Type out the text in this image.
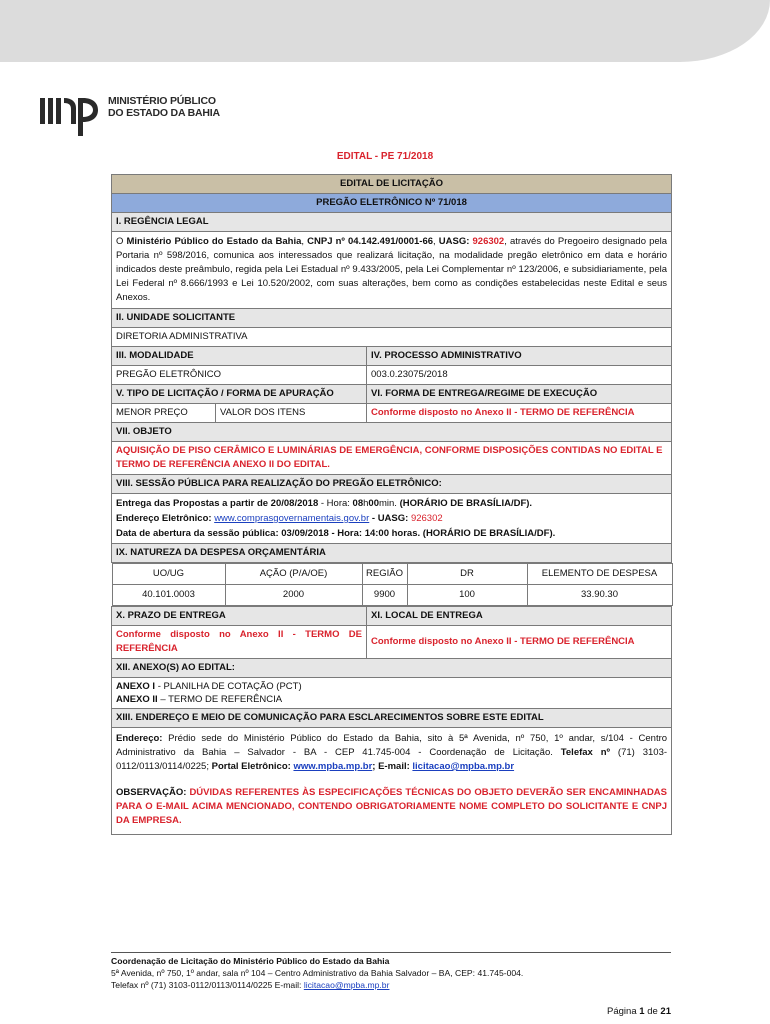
MINISTÉRIO PÚBLICO
DO ESTADO DA BAHIA
EDITAL - PE 71/2018
EDITAL DE LICITAÇÃO
PREGÃO ELETRÔNICO Nº 71/018
I. REGÊNCIA LEGAL
O Ministério Público do Estado da Bahia, CNPJ nº 04.142.491/0001-66, UASG: 926302, através do Pregoeiro designado pela Portaria nº 598/2016, comunica aos interessados que realizará licitação, na modalidade pregão eletrônico em data e horário indicados deste preâmbulo, regida pela Lei Estadual nº 9.433/2005, pela Lei Complementar nº 123/2006, e subsidiariamente, pela Lei Federal nº 8.666/1993 e Lei 10.520/2002, com suas alterações, bem como as condições estabelecidas neste Edital e seus Anexos.
II. UNIDADE SOLICITANTE
DIRETORIA ADMINISTRATIVA
III. MODALIDADE	IV. PROCESSO ADMINISTRATIVO
PREGÃO ELETRÔNICO	003.0.23075/2018
V. TIPO DE LICITAÇÃO / FORMA DE APURAÇÃO	VI. FORMA DE ENTREGA/REGIME DE EXECUÇÃO
MENOR PREÇO	VALOR DOS ITENS	Conforme disposto no Anexo II - TERMO DE REFERÊNCIA
VII. OBJETO
AQUISIÇÃO DE PISO CERÂMICO E LUMINÁRIAS DE EMERGÊNCIA, CONFORME DISPOSIÇÕES CONTIDAS NO EDITAL E TERMO DE REFERÊNCIA ANEXO II DO EDITAL.
VIII. SESSÃO PÚBLICA PARA REALIZAÇÃO DO PREGÃO ELETRÔNICO:

Entrega das Propostas a partir de 20/08/2018 - Hora: 08h00min. (HORÁRIO DE BRASÍLIA/DF).
Endereço Eletrônico: www.comprasgovernamentais.gov.br - UASG: 926302
Data de abertura da sessão pública: 03/09/2018 - Hora: 14:00 horas. (HORÁRIO DE BRASÍLIA/DF).

IX. NATUREZA DA DESPESA ORÇAMENTÁRIA

UO/UG	AÇÃO (P/A/OE)	REGIÃO	DR	ELEMENTO DE DESPESA
40.101.0003	2000	9900	100	33.90.30

X. PRAZO DE ENTREGA	XI. LOCAL DE ENTREGA
Conforme disposto no Anexo II - TERMO DE REFERÊNCIA	Conforme disposto no Anexo II - TERMO DE REFERÊNCIA
XII. ANEXO(S) AO EDITAL:

ANEXO I - PLANILHA DE COTAÇÃO (PCT)
ANEXO II – TERMO DE REFERÊNCIA

XIII. ENDEREÇO E MEIO DE COMUNICAÇÃO PARA ESCLARECIMENTOS SOBRE ESTE EDITAL

Endereço: Prédio sede do Ministério Público do Estado da Bahia, sito à 5ª Avenida, nº 750, 1º andar, s/104 - Centro Administrativo da Bahia – Salvador - BA - CEP 41.745-004 - Coordenação de Licitação. Telefax nº (71) 3103-0112/0113/0114/0225; Portal Eletrônico: www.mpba.mp.br; E-mail: licitacao@mpba.mp.br
OBSERVAÇÃO: DÚVIDAS REFERENTES ÀS ESPECIFICAÇÕES TÉCNICAS DO OBJETO DEVERÃO SER ENCAMINHADAS PARA O E-MAIL ACIMA MENCIONADO, CONTENDO OBRIGATORIAMENTE NOME COMPLETO DO SOLICITANTE E CNPJ DA EMPRESA.
Coordenação de Licitação do Ministério Público do Estado da Bahia
5ª Avenida, nº 750, 1º andar, sala nº 104 – Centro Administrativo da Bahia Salvador – BA, CEP: 41.745-004.
Telefax nº (71) 3103-0112/0113/0114/0225 E-mail: licitacao@mpba.mp.br
Página 1 de 21
